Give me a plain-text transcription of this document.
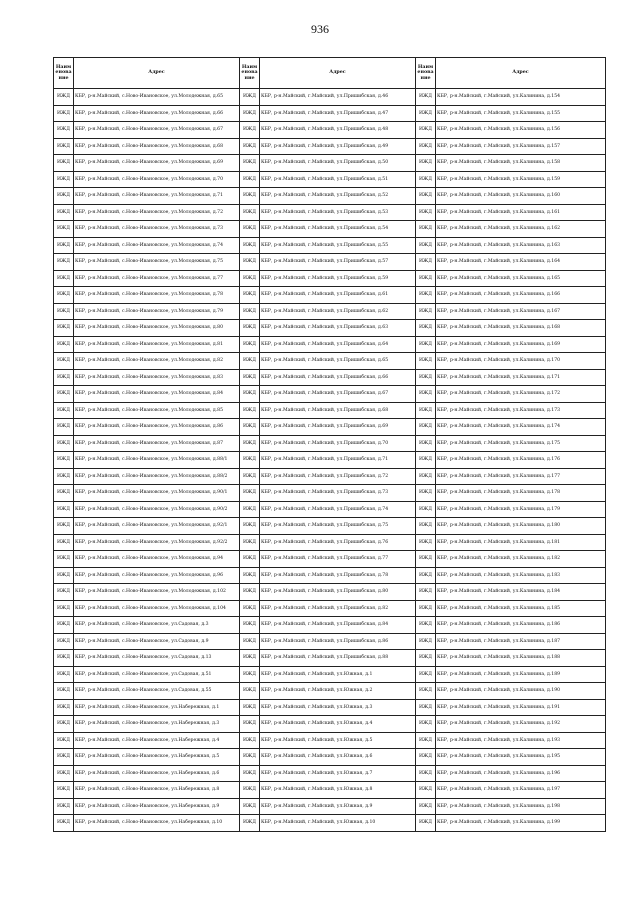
936
Наим енова ние	Адрес	Наим енова ние	Адрес	Наим енова ние	Адрес
ИЖД	КБР, р-н.Майский, с.Ново-Ивановское, ул.Молодежная, д.65	ИЖД	КБР, р-н.Майский, г.Майский, ул.Пришибская, д.46	ИЖД	КБР, р-н.Майский, г.Майский, ул.Калинина, д.154
ИЖД	КБР, р-н.Майский, с.Ново-Ивановское, ул.Молодежная, д.66	ИЖД	КБР, р-н.Майский, г.Майский, ул.Пришибская, д.47	ИЖД	КБР, р-н.Майский, г.Майский, ул.Калинина, д.155
ИЖД	КБР, р-н.Майский, с.Ново-Ивановское, ул.Молодежная, д.67	ИЖД	КБР, р-н.Майский, г.Майский, ул.Пришибская, д.48	ИЖД	КБР, р-н.Майский, г.Майский, ул.Калинина, д.156
ИЖД	КБР, р-н.Майский, с.Ново-Ивановское, ул.Молодежная, д.68	ИЖД	КБР, р-н.Майский, г.Майский, ул.Пришибская, д.49	ИЖД	КБР, р-н.Майский, г.Майский, ул.Калинина, д.157
ИЖД	КБР, р-н.Майский, с.Ново-Ивановское, ул.Молодежная, д.69	ИЖД	КБР, р-н.Майский, г.Майский, ул.Пришибская, д.50	ИЖД	КБР, р-н.Майский, г.Майский, ул.Калинина, д.158
ИЖД	КБР, р-н.Майский, с.Ново-Ивановское, ул.Молодежная, д.70	ИЖД	КБР, р-н.Майский, г.Майский, ул.Пришибская, д.51	ИЖД	КБР, р-н.Майский, г.Майский, ул.Калинина, д.159
ИЖД	КБР, р-н.Майский, с.Ново-Ивановское, ул.Молодежная, д.71	ИЖД	КБР, р-н.Майский, г.Майский, ул.Пришибская, д.52	ИЖД	КБР, р-н.Майский, г.Майский, ул.Калинина, д.160
ИЖД	КБР, р-н.Майский, с.Ново-Ивановское, ул.Молодежная, д.72	ИЖД	КБР, р-н.Майский, г.Майский, ул.Пришибская, д.53	ИЖД	КБР, р-н.Майский, г.Майский, ул.Калинина, д.161
ИЖД	КБР, р-н.Майский, с.Ново-Ивановское, ул.Молодежная, д.73	ИЖД	КБР, р-н.Майский, г.Майский, ул.Пришибская, д.54	ИЖД	КБР, р-н.Майский, г.Майский, ул.Калинина, д.162
ИЖД	КБР, р-н.Майский, с.Ново-Ивановское, ул.Молодежная, д.74	ИЖД	КБР, р-н.Майский, г.Майский, ул.Пришибская, д.55	ИЖД	КБР, р-н.Майский, г.Майский, ул.Калинина, д.163
ИЖД	КБР, р-н.Майский, с.Ново-Ивановское, ул.Молодежная, д.75	ИЖД	КБР, р-н.Майский, г.Майский, ул.Пришибская, д.57	ИЖД	КБР, р-н.Майский, г.Майский, ул.Калинина, д.164
ИЖД	КБР, р-н.Майский, с.Ново-Ивановское, ул.Молодежная, д.77	ИЖД	КБР, р-н.Майский, г.Майский, ул.Пришибская, д.59	ИЖД	КБР, р-н.Майский, г.Майский, ул.Калинина, д.165
ИЖД	КБР, р-н.Майский, с.Ново-Ивановское, ул.Молодежная, д.78	ИЖД	КБР, р-н.Майский, г.Майский, ул.Пришибская, д.61	ИЖД	КБР, р-н.Майский, г.Майский, ул.Калинина, д.166
ИЖД	КБР, р-н.Майский, с.Ново-Ивановское, ул.Молодежная, д.79	ИЖД	КБР, р-н.Майский, г.Майский, ул.Пришибская, д.62	ИЖД	КБР, р-н.Майский, г.Майский, ул.Калинина, д.167
ИЖД	КБР, р-н.Майский, с.Ново-Ивановское, ул.Молодежная, д.80	ИЖД	КБР, р-н.Майский, г.Майский, ул.Пришибская, д.63	ИЖД	КБР, р-н.Майский, г.Майский, ул.Калинина, д.168
ИЖД	КБР, р-н.Майский, с.Ново-Ивановское, ул.Молодежная, д.81	ИЖД	КБР, р-н.Майский, г.Майский, ул.Пришибская, д.64	ИЖД	КБР, р-н.Майский, г.Майский, ул.Калинина, д.169
ИЖД	КБР, р-н.Майский, с.Ново-Ивановское, ул.Молодежная, д.82	ИЖД	КБР, р-н.Майский, г.Майский, ул.Пришибская, д.65	ИЖД	КБР, р-н.Майский, г.Майский, ул.Калинина, д.170
ИЖД	КБР, р-н.Майский, с.Ново-Ивановское, ул.Молодежная, д.83	ИЖД	КБР, р-н.Майский, г.Майский, ул.Пришибская, д.66	ИЖД	КБР, р-н.Майский, г.Майский, ул.Калинина, д.171
ИЖД	КБР, р-н.Майский, с.Ново-Ивановское, ул.Молодежная, д.84	ИЖД	КБР, р-н.Майский, г.Майский, ул.Пришибская, д.67	ИЖД	КБР, р-н.Майский, г.Майский, ул.Калинина, д.172
ИЖД	КБР, р-н.Майский, с.Ново-Ивановское, ул.Молодежная, д.85	ИЖД	КБР, р-н.Майский, г.Майский, ул.Пришибская, д.68	ИЖД	КБР, р-н.Майский, г.Майский, ул.Калинина, д.173
ИЖД	КБР, р-н.Майский, с.Ново-Ивановское, ул.Молодежная, д.86	ИЖД	КБР, р-н.Майский, г.Майский, ул.Пришибская, д.69	ИЖД	КБР, р-н.Майский, г.Майский, ул.Калинина, д.174
ИЖД	КБР, р-н.Майский, с.Ново-Ивановское, ул.Молодежная, д.87	ИЖД	КБР, р-н.Майский, г.Майский, ул.Пришибская, д.70	ИЖД	КБР, р-н.Майский, г.Майский, ул.Калинина, д.175
ИЖД	КБР, р-н.Майский, с.Ново-Ивановское, ул.Молодежная, д.88/1	ИЖД	КБР, р-н.Майский, г.Майский, ул.Пришибская, д.71	ИЖД	КБР, р-н.Майский, г.Майский, ул.Калинина, д.176
ИЖД	КБР, р-н.Майский, с.Ново-Ивановское, ул.Молодежная, д.88/2	ИЖД	КБР, р-н.Майский, г.Майский, ул.Пришибская, д.72	ИЖД	КБР, р-н.Майский, г.Майский, ул.Калинина, д.177
ИЖД	КБР, р-н.Майский, с.Ново-Ивановское, ул.Молодежная, д.90/1	ИЖД	КБР, р-н.Майский, г.Майский, ул.Пришибская, д.73	ИЖД	КБР, р-н.Майский, г.Майский, ул.Калинина, д.178
ИЖД	КБР, р-н.Майский, с.Ново-Ивановское, ул.Молодежная, д.90/2	ИЖД	КБР, р-н.Майский, г.Майский, ул.Пришибская, д.74	ИЖД	КБР, р-н.Майский, г.Майский, ул.Калинина, д.179
ИЖД	КБР, р-н.Майский, с.Ново-Ивановское, ул.Молодежная, д.92/1	ИЖД	КБР, р-н.Майский, г.Майский, ул.Пришибская, д.75	ИЖД	КБР, р-н.Майский, г.Майский, ул.Калинина, д.180
ИЖД	КБР, р-н.Майский, с.Ново-Ивановское, ул.Молодежная, д.92/2	ИЖД	КБР, р-н.Майский, г.Майский, ул.Пришибская, д.76	ИЖД	КБР, р-н.Майский, г.Майский, ул.Калинина, д.181
ИЖД	КБР, р-н.Майский, с.Ново-Ивановское, ул.Молодежная, д.94	ИЖД	КБР, р-н.Майский, г.Майский, ул.Пришибская, д.77	ИЖД	КБР, р-н.Майский, г.Майский, ул.Калинина, д.182
ИЖД	КБР, р-н.Майский, с.Ново-Ивановское, ул.Молодежная, д.96	ИЖД	КБР, р-н.Майский, г.Майский, ул.Пришибская, д.78	ИЖД	КБР, р-н.Майский, г.Майский, ул.Калинина, д.183
ИЖД	КБР, р-н.Майский, с.Ново-Ивановское, ул.Молодежная, д.102	ИЖД	КБР, р-н.Майский, г.Майский, ул.Пришибская, д.80	ИЖД	КБР, р-н.Майский, г.Майский, ул.Калинина, д.184
ИЖД	КБР, р-н.Майский, с.Ново-Ивановское, ул.Молодежная, д.104	ИЖД	КБР, р-н.Майский, г.Майский, ул.Пришибская, д.82	ИЖД	КБР, р-н.Майский, г.Майский, ул.Калинина, д.185
ИЖД	КБР, р-н.Майский, с.Ново-Ивановское, ул.Садовая, д.3	ИЖД	КБР, р-н.Майский, г.Майский, ул.Пришибская, д.84	ИЖД	КБР, р-н.Майский, г.Майский, ул.Калинина, д.186
ИЖД	КБР, р-н.Майский, с.Ново-Ивановское, ул.Садовая, д.9	ИЖД	КБР, р-н.Майский, г.Майский, ул.Пришибская, д.86	ИЖД	КБР, р-н.Майский, г.Майский, ул.Калинина, д.187
ИЖД	КБР, р-н.Майский, с.Ново-Ивановское, ул.Садовая, д.13	ИЖД	КБР, р-н.Майский, г.Майский, ул.Пришибская, д.88	ИЖД	КБР, р-н.Майский, г.Майский, ул.Калинина, д.188
ИЖД	КБР, р-н.Майский, с.Ново-Ивановское, ул.Садовая, д.51	ИЖД	КБР, р-н.Майский, г.Майский, ул.Южная, д.1	ИЖД	КБР, р-н.Майский, г.Майский, ул.Калинина, д.189
ИЖД	КБР, р-н.Майский, с.Ново-Ивановское, ул.Садовая, д.55	ИЖД	КБР, р-н.Майский, г.Майский, ул.Южная, д.2	ИЖД	КБР, р-н.Майский, г.Майский, ул.Калинина, д.190
ИЖД	КБР, р-н.Майский, с.Ново-Ивановское, ул.Набережная, д.1	ИЖД	КБР, р-н.Майский, г.Майский, ул.Южная, д.3	ИЖД	КБР, р-н.Майский, г.Майский, ул.Калинина, д.191
ИЖД	КБР, р-н.Майский, с.Ново-Ивановское, ул.Набережная, д.3	ИЖД	КБР, р-н.Майский, г.Майский, ул.Южная, д.4	ИЖД	КБР, р-н.Майский, г.Майский, ул.Калинина, д.192
ИЖД	КБР, р-н.Майский, с.Ново-Ивановское, ул.Набережная, д.4	ИЖД	КБР, р-н.Майский, г.Майский, ул.Южная, д.5	ИЖД	КБР, р-н.Майский, г.Майский, ул.Калинина, д.193
ИЖД	КБР, р-н.Майский, с.Ново-Ивановское, ул.Набережная, д.5	ИЖД	КБР, р-н.Майский, г.Майский, ул.Южная, д.6	ИЖД	КБР, р-н.Майский, г.Майский, ул.Калинина, д.195
ИЖД	КБР, р-н.Майский, с.Ново-Ивановское, ул.Набережная, д.6	ИЖД	КБР, р-н.Майский, г.Майский, ул.Южная, д.7	ИЖД	КБР, р-н.Майский, г.Майский, ул.Калинина, д.196
ИЖД	КБР, р-н.Майский, с.Ново-Ивановское, ул.Набережная, д.8	ИЖД	КБР, р-н.Майский, г.Майский, ул.Южная, д.8	ИЖД	КБР, р-н.Майский, г.Майский, ул.Калинина, д.197
ИЖД	КБР, р-н.Майский, с.Ново-Ивановское, ул.Набережная, д.9	ИЖД	КБР, р-н.Майский, г.Майский, ул.Южная, д.9	ИЖД	КБР, р-н.Майский, г.Майский, ул.Калинина, д.198
ИЖД	КБР, р-н.Майский, с.Ново-Ивановское, ул.Набережная, д.10	ИЖД	КБР, р-н.Майский, г.Майский, ул.Южная, д.10	ИЖД	КБР, р-н.Майский, г.Майский, ул.Калинина, д.199
